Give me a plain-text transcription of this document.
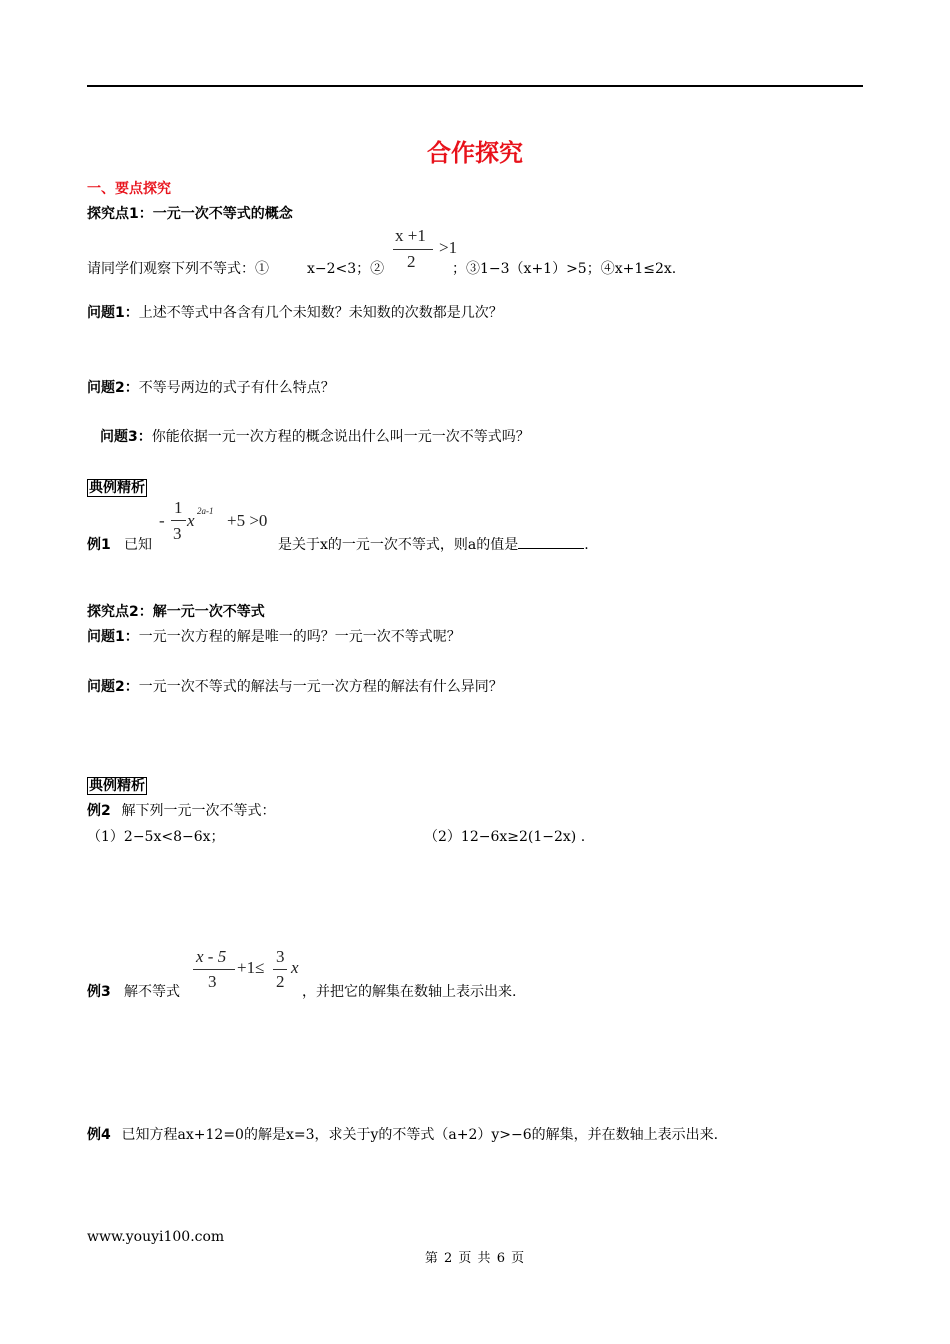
合作探究
一、要点探究
探究点1：一元一次不等式的概念
请同学们观察下列不等式：①	x−2<3；②
x +1
2
>1
；③1−3（x+1）>5；④x+1≤2x.
问题1：上述不等式中各含有几个未知数？未知数的次数都是几次？
问题2：不等号两边的式子有什么特点？
问题3：你能依据一元一次方程的概念说出什么叫一元一次不等式吗？
典例精析
例1 已知
-
1
3
x 2a-1 +5 >0
是关于x的一元一次不等式，则a的值是	.
探究点2：解一元一次不等式
问题1：一元一次方程的解是唯一的吗？一元一次不等式呢？
问题2：一元一次不等式的解法与一元一次方程的解法有什么异同？
典例精析
例2 解下列一元一次不等式：
（1）2−5x<8−6x；	（2）12−6x≥2(1−2x) .
例3 解不等式
x - 5
3
+1≤
3
2
x
，并把它的解集在数轴上表示出来.
例4 已知方程ax+12=0的解是x=3，求关于y的不等式（a+2）y>−6的解集，并在数轴上表示出来.
www.youyi100.com
第 2 页 共 6 页
